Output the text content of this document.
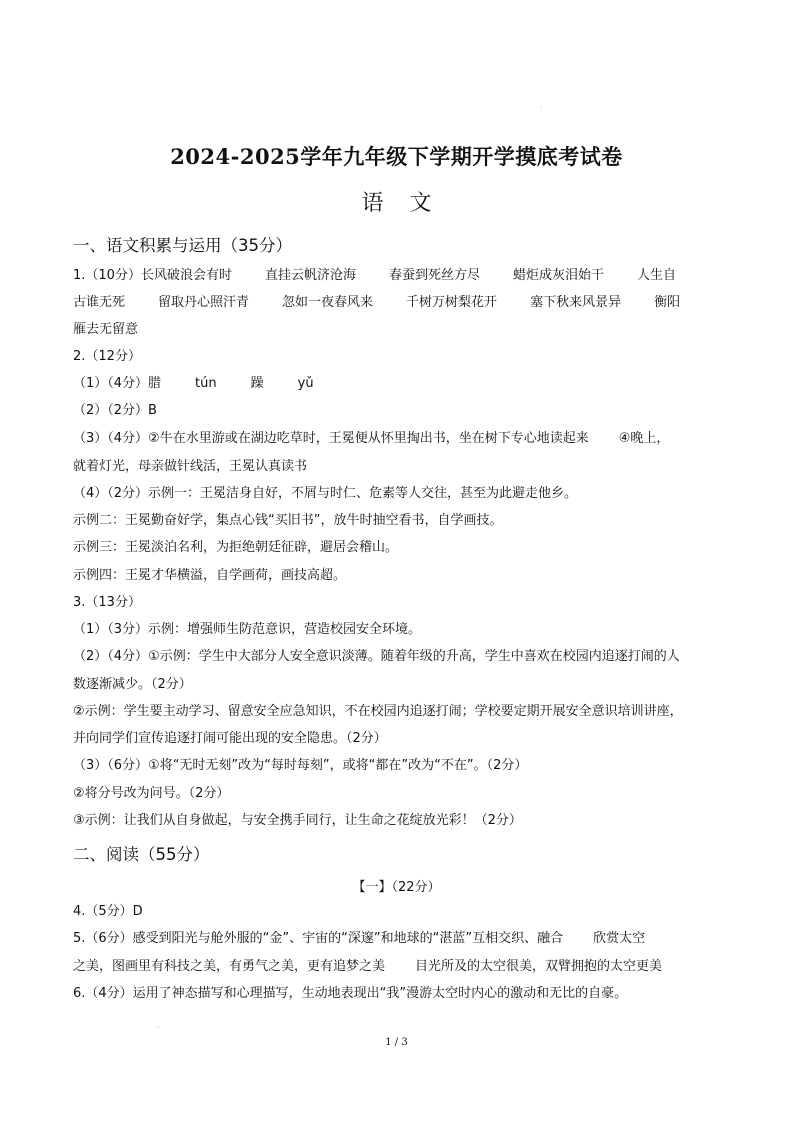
·
2024-2025学年九年级下学期开学摸底考试卷
语文
一、语文积累与运用（35分）
1.（10分）长风破浪会有时	直挂云帆济沧海	春蚕到死丝方尽	蜡炬成灰泪始干	人生自
古谁无死	留取丹心照汗青	忽如一夜春风来	千树万树梨花开	塞下秋来风景异	衡阳
雁去无留意
2.（12分）
（1）（4分）腊	tún	躁	yǔ
（2）（2分）B
（3）（4分）②牛在水里游或在湖边吃草时，王冕便从怀里掏出书，坐在树下专心地读起来 ④晚上，
就着灯光，母亲做针线活，王冕认真读书
（4）（2分）示例一：王冕洁身自好，不屑与时仁、危素等人交往，甚至为此避走他乡。
示例二：王冕勤奋好学，集点心钱“买旧书”，放牛时抽空看书，自学画技。
示例三：王冕淡泊名利，为拒绝朝廷征辟，避居会稽山。
示例四：王冕才华横溢，自学画荷，画技高超。
3.（13分）
（1）（3分）示例：增强师生防范意识，营造校园安全环境。
（2）（4分）①示例：学生中大部分人安全意识淡薄。随着年级的升高，学生中喜欢在校园内追逐打闹的人
数逐渐减少。（2分）
②示例：学生要主动学习、留意安全应急知识，不在校园内追逐打闹；学校要定期开展安全意识培训讲座，
并向同学们宣传追逐打闹可能出现的安全隐患。（2分）
（3）（6分）①将“无时无刻”改为“每时每刻”，或将“都在”改为“不在”。（2分）
②将分号改为问号。（2分）
③示例：让我们从自身做起，与安全携手同行，让生命之花绽放光彩！（2分）
二、阅读（55分）
【一】（22分）
4.（5分）D
5.（6分）感受到阳光与舱外服的“金”、宇宙的“深邃”和地球的“湛蓝”互相交织、融合 欣赏太空
之美，图画里有科技之美，有勇气之美，更有追梦之美 目光所及的太空很美，双臂拥抱的太空更美
6.（4分）运用了神态描写和心理描写，生动地表现出“我”漫游太空时内心的激动和无比的自豪。
·
1 / 3
